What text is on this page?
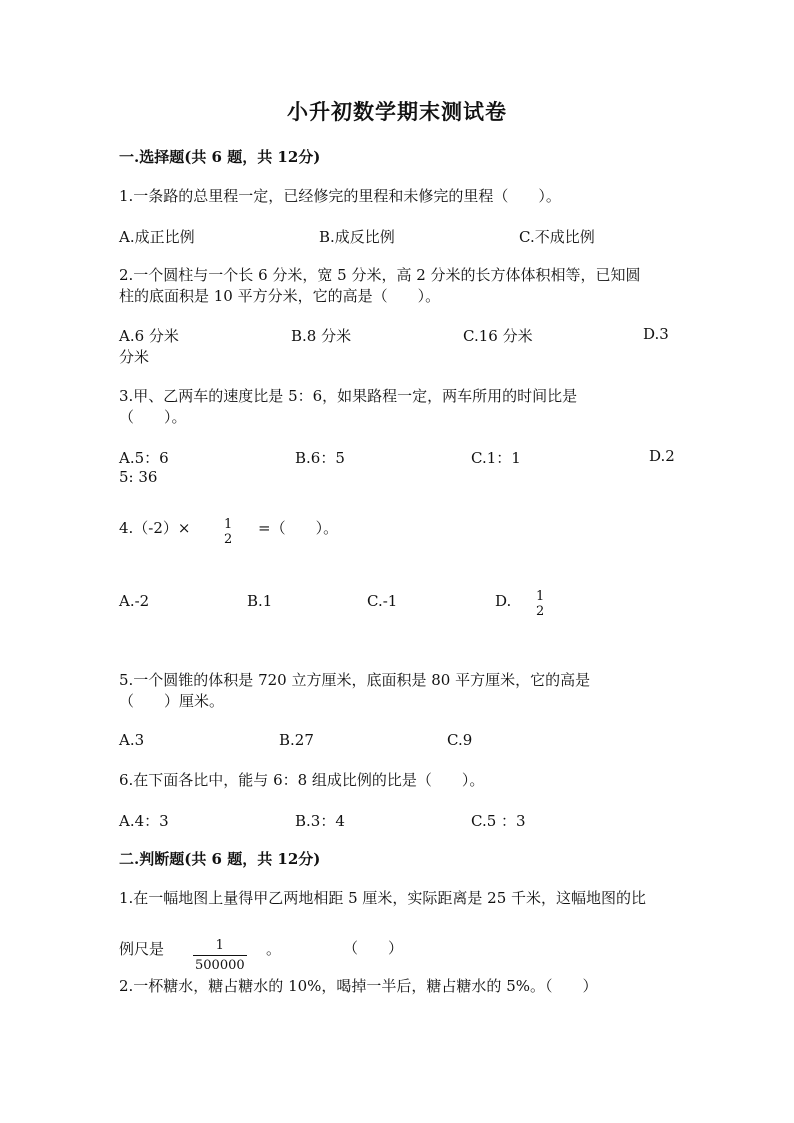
小升初数学期末测试卷
一.选择题(共 6 题，共 12分)
1.一条路的总里程一定，已经修完的里程和未修完的里程（　　）。
A.成正比例	B.成反比例	C.不成比例
2.一个圆柱与一个长 6 分米，宽 5 分米，高 2 分米的长方体体积相等，已知圆
柱的底面积是 10 平方分米，它的高是（　　）。
A.6 分米	B.8 分米	C.16 分米	D.3
分米
3.甲、乙两车的速度比是 5：6，如果路程一定，两车所用的时间比是
（　　）。
A.5：6	B.6：5	C.1：1	D.2
5: 36
4.（-2）×	1
2
=（　　）。
A.-2	B.1	C.-1	D. 1
2
5.一个圆锥的体积是 720 立方厘米，底面积是 80 平方厘米，它的高是
（　　）厘米。
A.3	B.27	C.9
6.在下面各比中，能与 6：8 组成比例的比是（　　）。
A.4：3	B.3：4	C.5 ：3
二.判断题(共 6 题，共 12分)
1.在一幅地图上量得甲乙两地相距 5 厘米，实际距离是 25 千米，这幅地图的比
例尺是 $\frac{1}{500000}$ 。	（　　）
2.一杯糖水，糖占糖水的 10%，喝掉一半后，糖占糖水的 5%。（　　）
